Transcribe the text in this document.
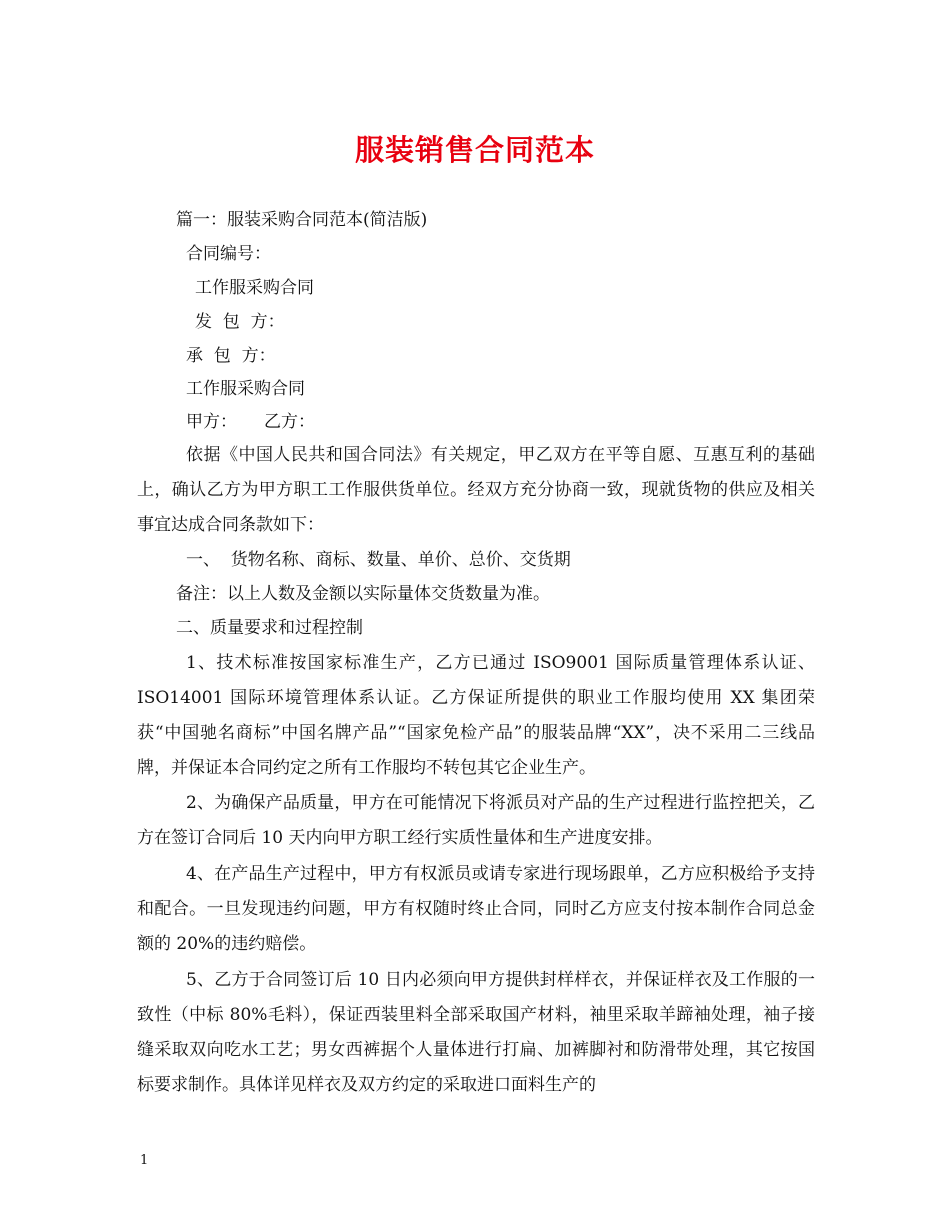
服装销售合同范本
篇一：服装采购合同范本(简洁版)
合同编号：
工作服采购合同
发  包  方：
承  包  方：
工作服采购合同
甲方：     乙方：
依据《中国人民共和国合同法》有关规定，甲乙双方在平等自愿、互惠互利的基础上，确认乙方为甲方职工工作服供货单位。经双方充分协商一致，现就货物的供应及相关事宜达成合同条款如下：
一、  货物名称、商标、数量、单价、总价、交货期
备注：以上人数及金额以实际量体交货数量为准。
二、质量要求和过程控制
1、技术标准按国家标准生产，乙方已通过 ISO9001 国际质量管理体系认证、 ISO14001 国际环境管理体系认证。乙方保证所提供的职业工作服均使用 XX 集团荣获“中国驰名商标”中国名牌产品”“国家免检产品”的服装品牌“XX”，决不采用二三线品牌，并保证本合同约定之所有工作服均不转包其它企业生产。
2、为确保产品质量，甲方在可能情况下将派员对产品的生产过程进行监控把关，乙方在签订合同后 10 天内向甲方职工经行实质性量体和生产进度安排。
4、在产品生产过程中，甲方有权派员或请专家进行现场跟单，乙方应积极给予支持和配合。一旦发现违约问题，甲方有权随时终止合同，同时乙方应支付按本制作合同总金额的 20%的违约赔偿。
5、乙方于合同签订后 10 日内必须向甲方提供封样样衣，并保证样衣及工作服的一致性（中标 80%毛料），保证西装里料全部采取国产材料，袖里采取羊蹄袖处理，袖子接缝采取双向吃水工艺；男女西裤据个人量体进行打扁、加裤脚衬和防滑带处理，其它按国标要求制作。具体详见样衣及双方约定的采取进口面料生产的
1
